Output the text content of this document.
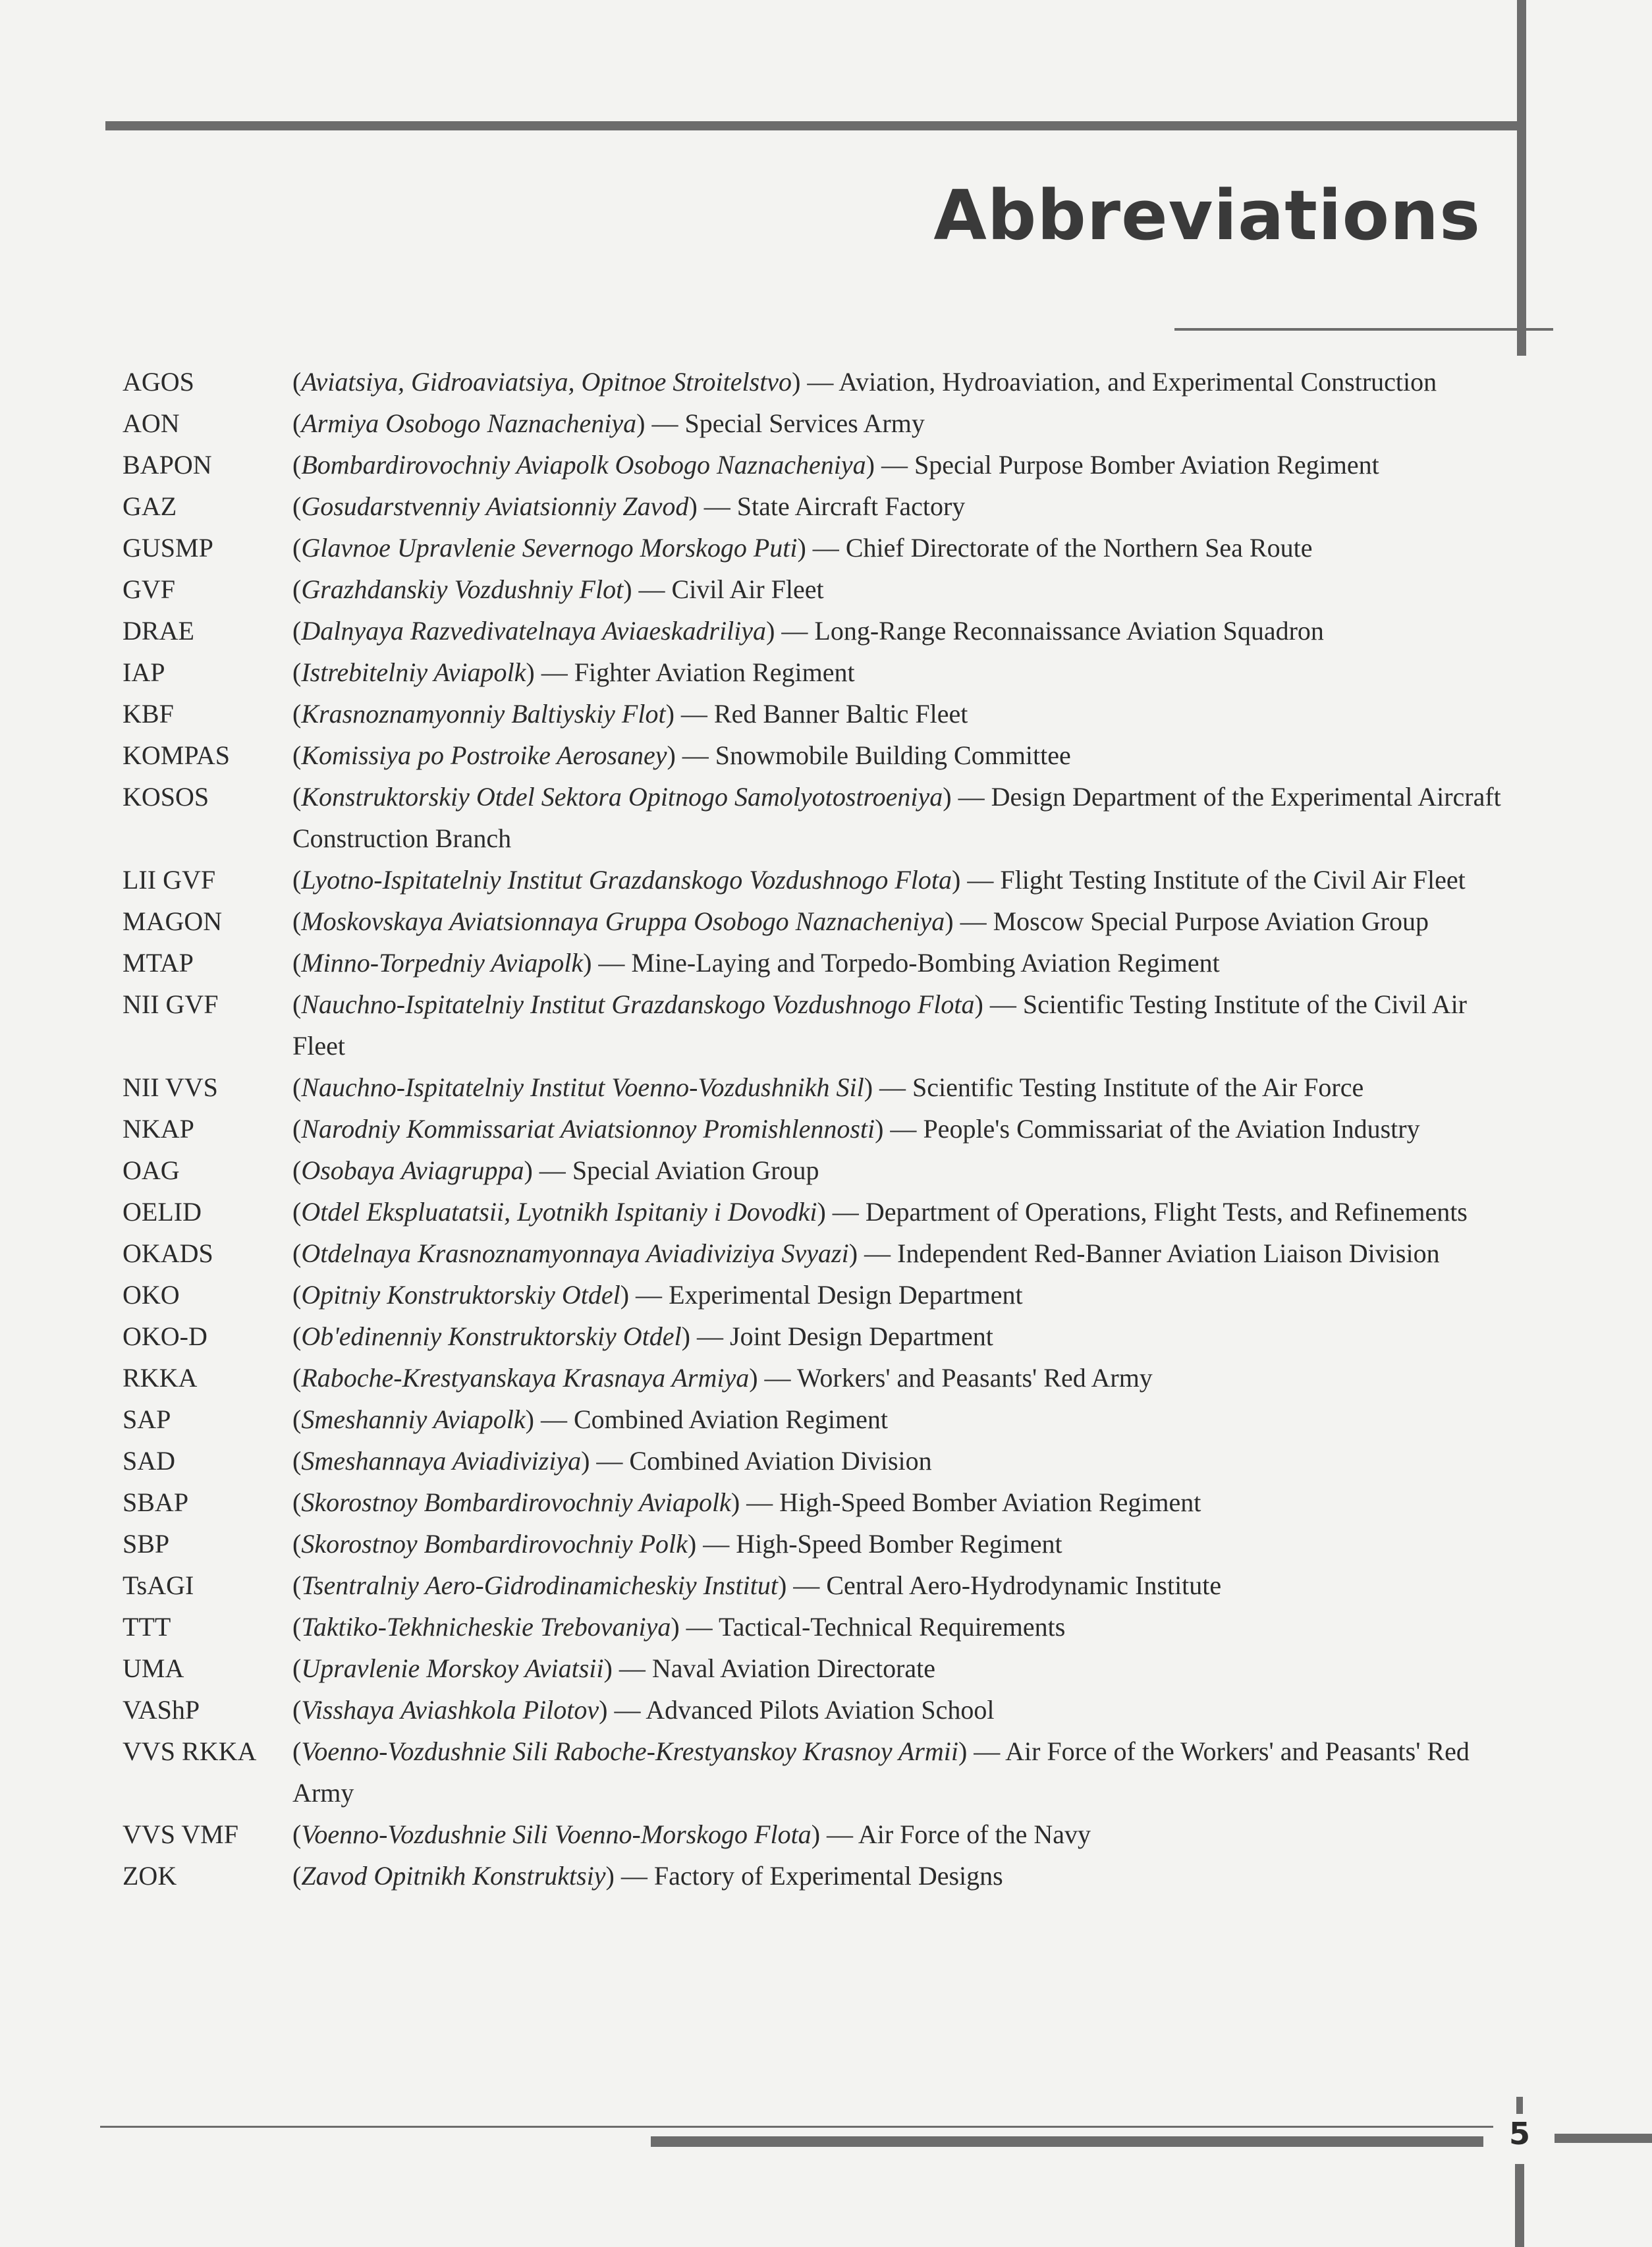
Abbreviations
AGOS	(Aviatsiya, Gidroaviatsiya, Opitnoe Stroitelstvo) — Aviation, Hydroaviation, and Experimental Construction
AON	(Armiya Osobogo Naznacheniya) — Special Services Army
BAPON	(Bombardirovochniy Aviapolk Osobogo Naznacheniya) — Special Purpose Bomber Aviation Regiment
GAZ	(Gosudarstvenniy Aviatsionniy Zavod) — State Aircraft Factory
GUSMP	(Glavnoe Upravlenie Severnogo Morskogo Puti) — Chief Directorate of the Northern Sea Route
GVF	(Grazhdanskiy Vozdushniy Flot) — Civil Air Fleet
DRAE	(Dalnyaya Razvedivatelnaya Aviaeskadriliya) — Long-Range Reconnaissance Aviation Squadron
IAP	(Istrebitelniy Aviapolk) — Fighter Aviation Regiment
KBF	(Krasnoznamyonniy Baltiyskiy Flot) — Red Banner Baltic Fleet
KOMPAS	(Komissiya po Postroike Aerosaney) — Snowmobile Building Committee
KOSOS	(Konstruktorskiy Otdel Sektora Opitnogo Samolyotostroeniya) — Design Department of the Experimental Aircraft Construction Branch
LII GVF	(Lyotno-Ispitatelniy Institut Grazdanskogo Vozdushnogo Flota) — Flight Testing Institute of the Civil Air Fleet
MAGON	(Moskovskaya Aviatsionnaya Gruppa Osobogo Naznacheniya) — Moscow Special Purpose Aviation Group
MTAP	(Minno-Torpedniy Aviapolk) — Mine-Laying and Torpedo-Bombing Aviation Regiment
NII GVF	(Nauchno-Ispitatelniy Institut Grazdanskogo Vozdushnogo Flota) — Scientific Testing Institute of the Civil Air Fleet
NII VVS	(Nauchno-Ispitatelniy Institut Voenno-Vozdushnikh Sil) — Scientific Testing Institute of the Air Force
NKAP	(Narodniy Kommissariat Aviatsionnoy Promishlennosti) — People's Commissariat of the Aviation Industry
OAG	(Osobaya Aviagruppa) — Special Aviation Group
OELID	(Otdel Ekspluatatsii, Lyotnikh Ispitaniy i Dovodki) — Department of Operations, Flight Tests, and Refinements
OKADS	(Otdelnaya Krasnoznamyonnaya Aviadiviziya Svyazi) — Independent Red-Banner Aviation Liaison Division
OKO	(Opitniy Konstruktorskiy Otdel) — Experimental Design Department
OKO-D	(Ob'edinenniy Konstruktorskiy Otdel) — Joint Design Department
RKKA	(Raboche-Krestyanskaya Krasnaya Armiya) — Workers' and Peasants' Red Army
SAP	(Smeshanniy Aviapolk) — Combined Aviation Regiment
SAD	(Smeshannaya Aviadiviziya) — Combined Aviation Division
SBAP	(Skorostnoy Bombardirovochniy Aviapolk) — High-Speed Bomber Aviation Regiment
SBP	(Skorostnoy Bombardirovochniy Polk) — High-Speed Bomber Regiment
TsAGI	(Tsentralniy Aero-Gidrodinamicheskiy Institut) — Central Aero-Hydrodynamic Institute
TTT	(Taktiko-Tekhnicheskie Trebovaniya) — Tactical-Technical Requirements
UMA	(Upravlenie Morskoy Aviatsii) — Naval Aviation Directorate
VAShP	(Visshaya Aviashkola Pilotov) — Advanced Pilots Aviation School
VVS RKKA	(Voenno-Vozdushnie Sili Raboche-Krestyanskoy Krasnoy Armii) — Air Force of the Workers' and Peasants' Red Army
VVS VMF	(Voenno-Vozdushnie Sili Voenno-Morskogo Flota) — Air Force of the Navy
ZOK	(Zavod Opitnikh Konstruktsiy) — Factory of Experimental Designs
5
